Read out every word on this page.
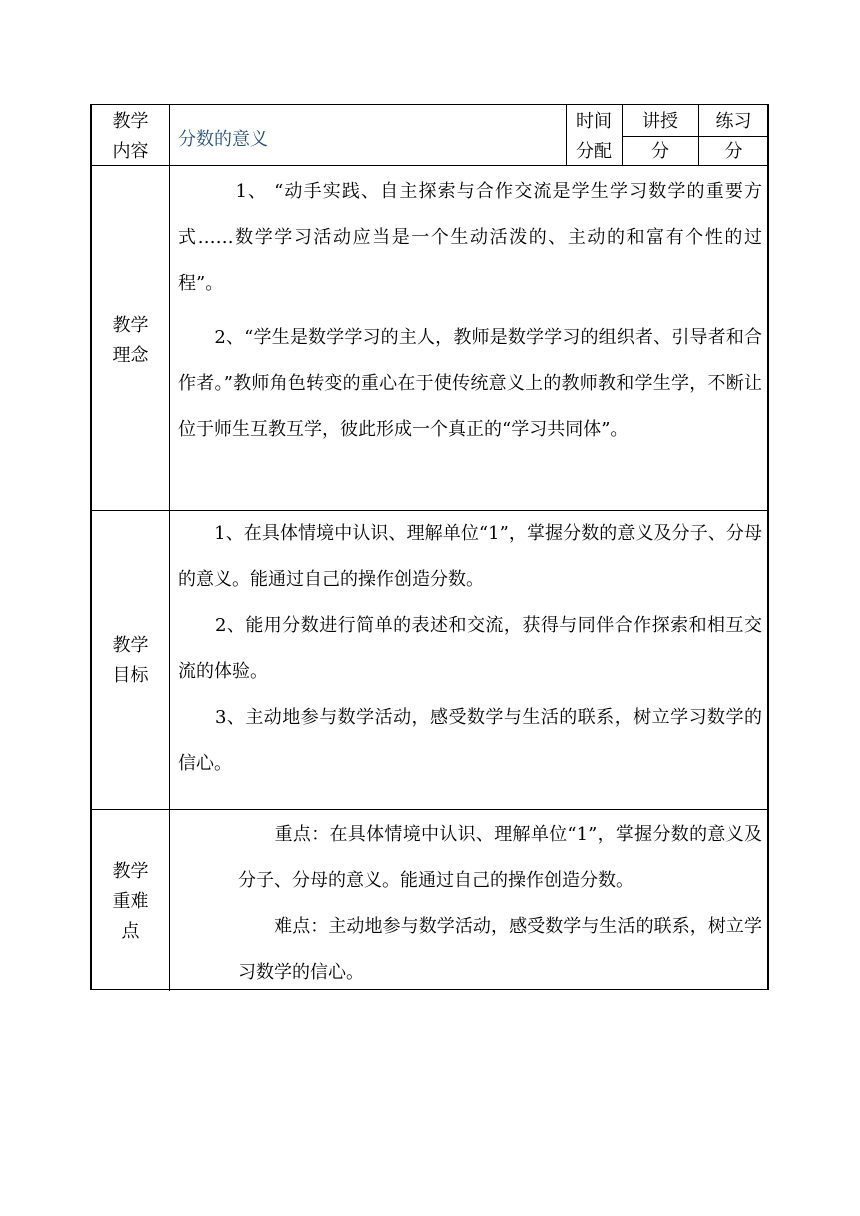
教学
内容
分数的意义
时间
分配
讲授
分
练习
分
教学
理念

　　　1、 “动手实践、自主探索与合作交流是学生学习数学的重要方式……数学学习活动应当是一个生动活泼的、主动的和富有个性的过程”。

　　2、“学生是数学学习的主人，教师是数学学习的组织者、引导者和合作者。”教师角色转变的重心在于使传统意义上的教师教和学生学，不断让位于师生互教互学，彼此形成一个真正的“学习共同体”。

教学
目标

　　1、在具体情境中认识、理解单位“1”，掌握分数的意义及分子、分母的意义。能通过自己的操作创造分数。

　　2、能用分数进行简单的表述和交流，获得与同伴合作探索和相互交流的体验。

　　3、主动地参与数学活动，感受数学与生活的联系，树立学习数学的信心。

教学
重难
点

　　重点：在具体情境中认识、理解单位“1”，掌握分数的意义及分子、分母的意义。能通过自己的操作创造分数。

　　难点：主动地参与数学活动，感受数学与生活的联系，树立学习数学的信心。
